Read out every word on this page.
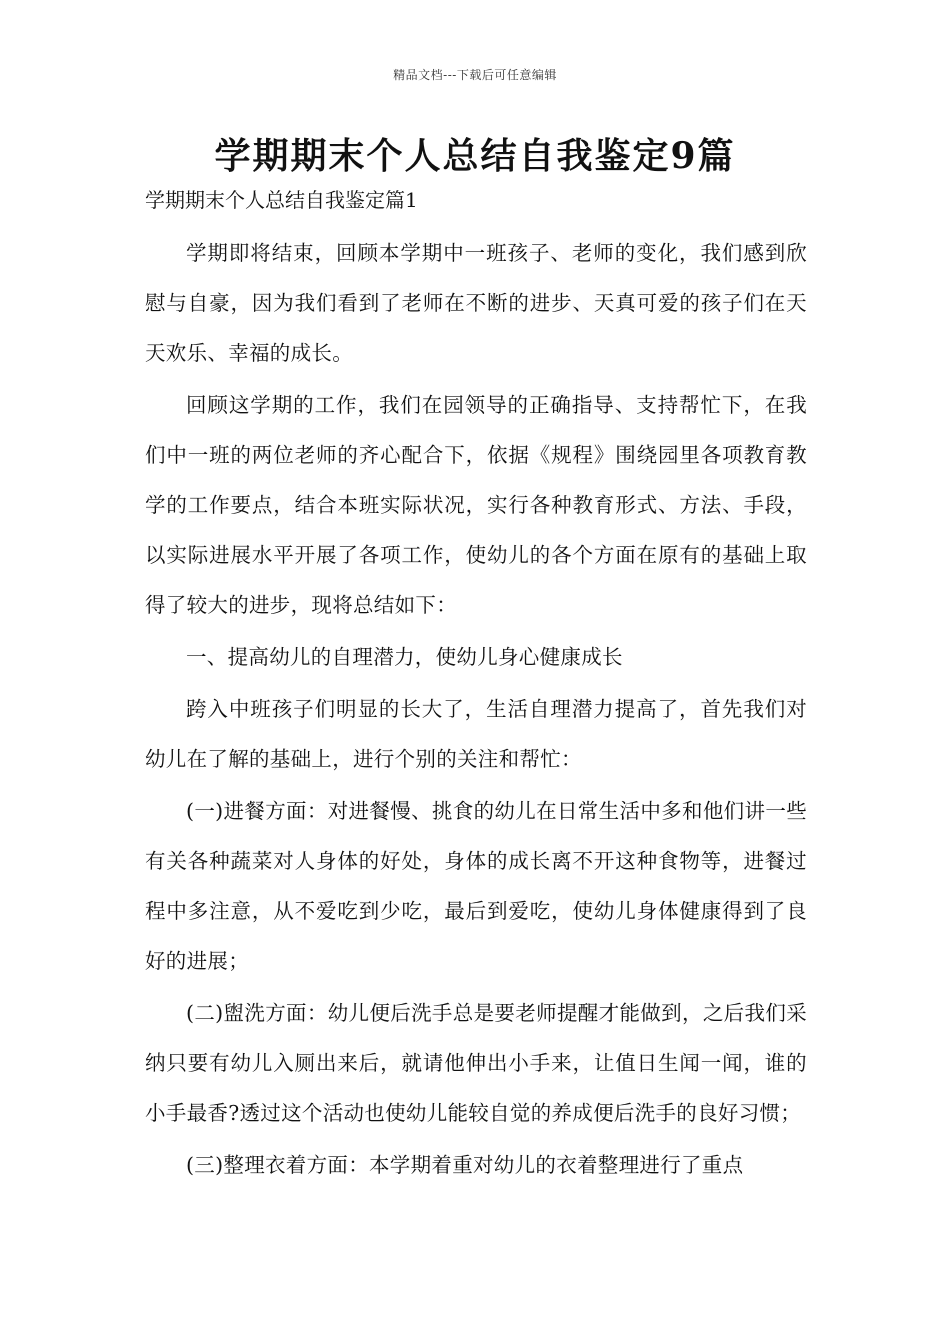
精品文档---下载后可任意编辑
学期期末个人总结自我鉴定9篇
学期期末个人总结自我鉴定篇1

学期即将结束，回顾本学期中一班孩子、老师的变化，我们感到欣慰与自豪，因为我们看到了老师在不断的进步、天真可爱的孩子们在天天欢乐、幸福的成长。

回顾这学期的工作，我们在园领导的正确指导、支持帮忙下，在我们中一班的两位老师的齐心配合下，依据《规程》围绕园里各项教育教学的工作要点，结合本班实际状况，实行各种教育形式、方法、手段，以实际进展水平开展了各项工作，使幼儿的各个方面在原有的基础上取得了较大的进步，现将总结如下：

一、提高幼儿的自理潜力，使幼儿身心健康成长

跨入中班孩子们明显的长大了，生活自理潜力提高了，首先我们对幼儿在了解的基础上，进行个别的关注和帮忙：

(一)进餐方面：对进餐慢、挑食的幼儿在日常生活中多和他们讲一些有关各种蔬菜对人身体的好处，身体的成长离不开这种食物等，进餐过程中多注意，从不爱吃到少吃，最后到爱吃，使幼儿身体健康得到了良好的进展；

(二)盥洗方面：幼儿便后洗手总是要老师提醒才能做到，之后我们采纳只要有幼儿入厕出来后，就请他伸出小手来，让值日生闻一闻，谁的小手最香?透过这个活动也使幼儿能较自觉的养成便后洗手的良好习惯；

(三)整理衣着方面：本学期着重对幼儿的衣着整理进行了重点
